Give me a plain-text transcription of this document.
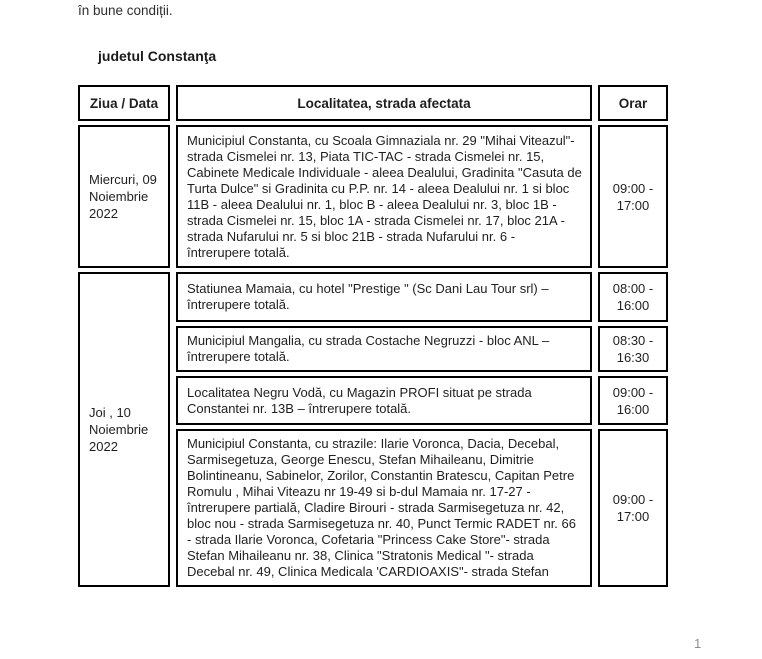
în bune condiții.
judetul Constanţa
Ziua / Data	Localitatea, strada afectata	Orar
Miercuri, 09 Noiembrie 2022
Municipiul Constanta, cu Scoala Gimnaziala nr. 29 "Mihai Viteazul"- strada Cismelei nr. 13, Piata TIC-TAC - strada Cismelei nr. 15, Cabinete Medicale Individuale - aleea Dealului, Gradinita "Casuta de Turta Dulce" si Gradinita cu P.P. nr. 14 - aleea Dealului nr. 1 si bloc 11B - aleea Dealului nr. 1, bloc B - aleea Dealului nr. 3, bloc 1B - strada Cismelei nr. 15, bloc 1A - strada Cismelei nr. 17, bloc 21A - strada Nufarului nr. 5 si bloc 21B - strada Nufarului nr. 6 - întrerupere totală.
09:00 - 17:00
Joi , 10 Noiembrie 2022
Statiunea Mamaia, cu hotel "Prestige " (Sc Dani Lau Tour srl) – întrerupere totală.
08:00 - 16:00
Municipiul Mangalia, cu strada Costache Negruzzi - bloc ANL – întrerupere totală.
08:30 - 16:30
Localitatea Negru Vodă, cu Magazin PROFI situat pe strada Constantei nr. 13B – întrerupere totală.
09:00 - 16:00
Municipiul Constanta, cu strazile: Ilarie Voronca, Dacia, Decebal, Sarmisegetuza, George Enescu, Stefan Mihaileanu, Dimitrie Bolintineanu, Sabinelor, Zorilor, Constantin Bratescu, Capitan Petre Romulu , Mihai Viteazu nr 19-49 si b-dul Mamaia nr. 17-27 - întrerupere partială, Cladire Birouri - strada Sarmisegetuza nr. 42, bloc nou - strada Sarmisegetuza nr. 40, Punct Termic RADET nr. 66 - strada Ilarie Voronca, Cofetaria "Princess Cake Store"- strada Stefan Mihaileanu nr. 38, Clinica "Stratonis Medical "- strada Decebal nr. 49, Clinica Medicala 'CARDIOAXIS"- strada Stefan
09:00 - 17:00
1
